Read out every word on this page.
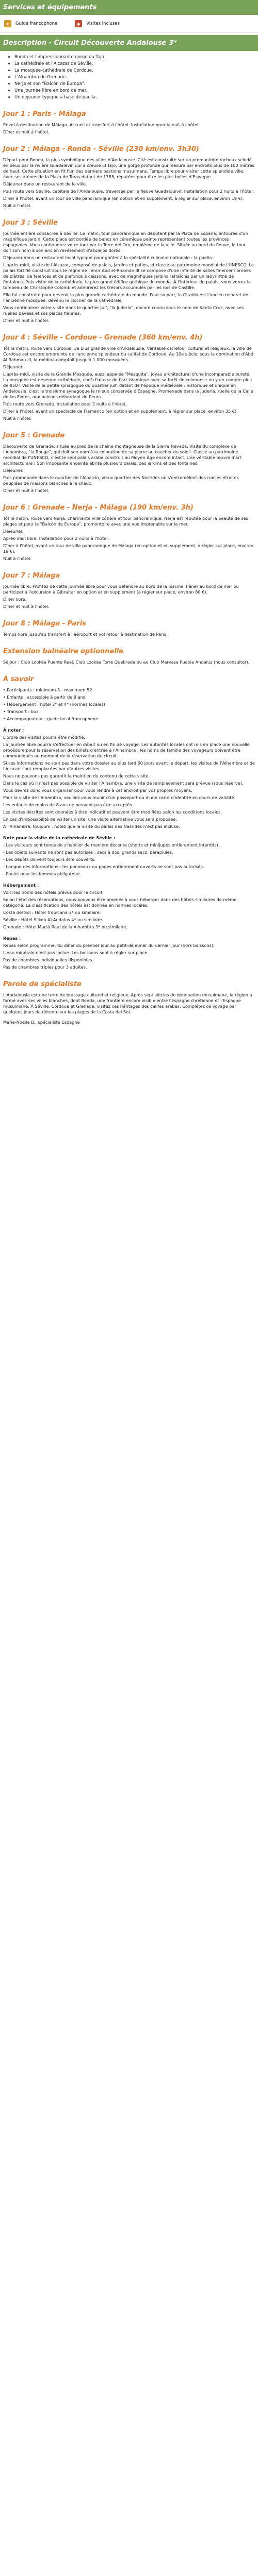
Services et équipements
★	Guide francophone	◆	Visites incluses
Description - Circuit Découverte Andalouse 3*
• Ronda et l'impressionnante gorge du Tajo.
• La cathédrale et l'Alcazar de Séville.
• La mosquée-cathédrale de Cordoue.
• L'Alhambra de Grenade.
• Nerja et son "Balcón de Europa".
• Une journée libre en bord de mer.
• Un déjeuner typique à base de paella.
Jour 1 : Paris - Málaga

Envol à destination de Málaga. Accueil et transfert à l'hôtel. Installation pour la nuit à l'hôtel.

Dîner et nuit à l'hôtel.

Jour 2 : Málaga - Ronda - Séville (230 km/env. 3h30)

Départ pour Ronda, la plus symbolique des villes d'Andalousie. Cité est construite sur un promontoire rocheux scindé en deux par la rivière Guadalevín qui a creusé El Tajo, une gorge profonde qui mesure par endroits plus de 100 mètres de haut. Cette situation en fit l'un des derniers bastions musulmans. Temps libre pour visiter cette splendide ville, avec ses arènes de la Plaza de Toros datant de 1785, réputées pour être les plus belles d'Espagne.

Déjeuner dans un restaurant de la ville.

Puis route vers Séville, capitale de l'Andalousie, traversée par le fleuve Guadalquivir. Installation pour 2 nuits à l'hôtel.

Dîner à l'hôtel, avant un tour de ville panoramique (en option et en supplément, à régler sur place, environ 19 €).

Nuit à l'hôtel.

Jour 3 : Séville

Journée entière consacrée à Séville. Le matin, tour panoramique en débutant par la Plaza de España, entourée d'un magnifique jardin. Cette place est bordée de bancs en céramique peinte représentant toutes les provinces espagnoles. Vous continuerez votre tour par la Torre del Oro, emblème de la ville. Située au bord du fleuve, la tour doit son nom à son ancien revêtement d'azulejos dorés.

Déjeuner dans un restaurant local typique pour goûter à la spécialité culinaire nationale : la paella.

L'après-midi, visite de l'Alcazar, composé de palais, jardins et patios, et classé au patrimoine mondial de l'UNESCO. Le palais fortifié construit sous le règne de l'émir Abd el-Rhaman III se compose d'une infinité de salles finement ornées de plâtres, de faïences et de plafonds à caissons, avec de magnifiques jardins rafraîchis par un labyrinthe de fontaines. Puis visite de la cathédrale, le plus grand édifice gothique du monde. À l'intérieur du palais, vous verrez le tombeau de Christophe Colomb et admirerez les trésors accumulés par les rois de Castille.

Elle fut construite pour devenir la plus grande cathédrale du monde. Pour sa part, la Giralda est l'ancien minaret de l'ancienne mosquée, devenu le clocher de la cathédrale.

Vous continuerez votre visite dans le quartier juif, "la Judería", encore connu sous le nom de Santa Cruz, avec ses ruelles pavées et ses places fleuries.

Dîner et nuit à l'hôtel.

Jour 4 : Séville - Cordoue - Grenade (360 km/env. 4h)

Tôt le matin, route vers Cordoue, 3e plus grande ville d'Andalousie. Véritable carrefour culturel et religieux, la ville de Cordoue est encore empreinte de l'ancienne splendeur du califat de Cordoue. Au 10e siècle, sous la domination d'Abd Al Rahman III, la médina comptait jusqu'à 1 000 mosquées.

Déjeuner.

L'après-midi, visite de la Grande Mosquée, aussi appelée "Mezquita", joyau architectural d'une incomparable pureté. La mosquée est devenue cathédrale, chef-d'œuvre de l'art islamique avec sa forêt de colonnes : on y en compte plus de 850 ! Visite de la petite synagogue du quartier juif, datant de l'époque médiévale : historique et unique en Andalousie, c'est le troisième synagogue la mieux conservée d'Espagne. Promenade dans la Judería, ruelle de la Calle de las Flores, aux balcons débordant de fleurs.

Puis route vers Grenade. Installation pour 2 nuits à l'hôtel.

Dîner à l'hôtel, avant un spectacle de Flamenco (en option et en supplément, à régler sur place, environ 35 €).

Nuit à l'hôtel.

Jour 5 : Grenade

Découverte de Grenade, située au pied de la chaîne montagneuse de la Sierra Nevada. Visite du complexe de l'Alhambra, "la Rouge", qui doit son nom à la coloration de sa pierre au coucher du soleil. Classé au patrimoine mondial de l'UNESCO, c'est le seul palais arabe construit au Moyen Âge encore intact. Une véritable œuvre d'art architecturale ! Son imposante enceinte abrite plusieurs palais, des jardins et des fontaines.

Déjeuner.

Puis promenade dans le quartier de l'Albaicín, vieux quartier des Nasrides où s'entremêlent des ruelles étroites peuplées de maisons blanches à la chaux.

Dîner et nuit à l'hôtel.

Jour 6 : Grenade - Nerja - Málaga (190 km/env. 3h)

Tôt le matin, route vers Nerja, charmante ville côtière et tour panoramique. Nerja est réputée pour la beauté de ses plages et pour le "Balcón de Europa", promontoire avec une vue imprenable sur la mer.

Déjeuner.

Après-midi libre. Installation pour 2 nuits à l'hôtel.

Dîner à l'hôtel, avant un tour de ville panoramique de Málaga (en option et en supplément, à régler sur place, environ 19 €).

Nuit à l'hôtel.

Jour 7 : Málaga

Journée libre. Profitez de cette journée libre pour vous détendre au bord de la piscine, flâner au bord de mer ou participer à l'excursion à Gibraltar en option et en supplément (à régler sur place, environ 80 €).

Dîner libre.

Dîner et nuit à l'hôtel.

Jour 8 : Málaga - Paris

Temps libre jusqu'au transfert à l'aéroport et vol retour à destination de Paris.

Extension balnéaire optionnelle

Séjour : Club Lookéa Puente Real, Club Lookéa Torre Quebrada ou au Club Marvasa Puebla Andaluz (nous consulter).

À savoir

• Participants : minimum 3 - maximum 52

• Enfants : accessible à partir de 8 ans

• Hébergement : hôtel 3* et 4* (normes locales)

• Transport : bus

• Accompagnateur : guide local francophone

À noter :

L'ordre des visites pourra être modifié.

La journée libre pourra s'effectuer en début ou en fin de voyage. Les autorités locales ont mis en place une nouvelle procédure pour la réservation des billets d'entrée à l'Alhambra : les noms de famille des voyageurs doivent être communiqués au moment de la réservation du circuit.

Si ces informations ne sont pas dans votre dossier au plus tard 60 jours avant le départ, les visites de l'Alhambra et de l'Alcazar sont remplacées par d'autres visites.

Nous ne pouvons pas garantir le maintien du contenu de cette visite.

Dans le cas où il n'est pas possible de visiter l'Alhambra, une visite de remplacement sera prévue (sous réserve).

Vous devrez donc vous organiser pour vous rendre à cet endroit par vos propres moyens.

Pour la visite de l'Alhambra, veuillez vous munir d'un passeport ou d'une carte d'identité en cours de validité.

Les enfants de moins de 8 ans ne peuvent pas être acceptés.

Les visites décrites sont données à titre indicatif et peuvent être modifiées selon les conditions locales.

En cas d'impossibilité de visiter un site, une visite alternative vous sera proposée.

À l'Alhambra, toujours : notez que la visite du palais des Nasrides n'est pas incluse.

Note pour la visite de la cathédrale de Séville :

- Les visiteurs sont tenus de s'habiller de manière décente (shorts et minijupes entièrement interdits).

- Les objets suivants ne sont pas autorisés : sacs à dos, grands sacs, parapluies.

- Les dépôts doivent toujours être couverts.

- Langue des informations : les panneaux ou pages entièrement ouverts ne sont pas autorisés.

- Poulet pour les femmes obligatoire.

Hébergement :

Voici les noms des hôtels prévus pour le circuit.

Selon l'état des réservations, nous pouvons être amenés à vous héberger dans des hôtels similaires de même catégorie. La classification des hôtels est donnée en normes locales.

Costa del Sol : Hôtel Tropicana 3* ou similaire.

Séville : Hôtel Silken Al-Andalus 4* ou similaire.

Grenade : Hôtel Macià Real de la Alhambra 3* ou similaire.

Repas :

Repas selon programme, du dîner du premier jour au petit-déjeuner du dernier jour (hors boissons).

L'eau minérale n'est pas inclue. Les boissons sont à régler sur place.

Pas de chambres individuelles disponibles.

Pas de chambres triples pour 3 adultes.

Parole de spécialiste

L'Andalousie est une terre de brassage culturel et religieux. Après sept siècles de domination musulmane, la région a formé avec ses villes blanches, dont Ronda, une frontière encore visible entre l'Espagne chrétienne et l'Espagne musulmane. À Séville, Cordoue et Grenade, visitez ces héritages des califes arabes. Complétez ce voyage par quelques jours de détente sur les plages de la Costa del Sol.

Marie-Noëlle B., spécialiste Espagne
